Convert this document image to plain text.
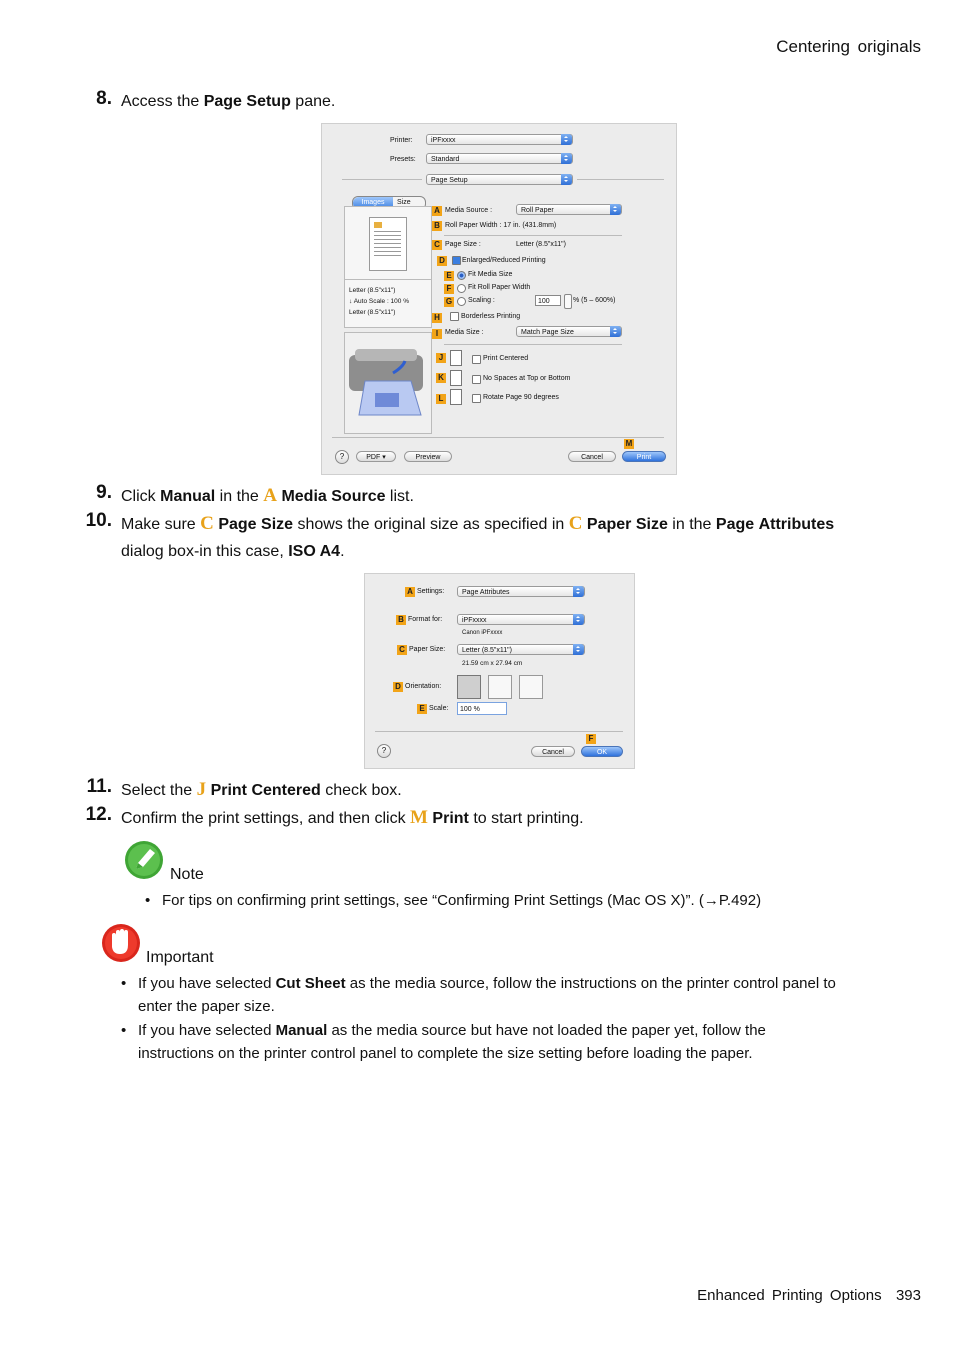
Centering originals
8. Access the Page Setup pane.
Printer:	iPFxxxx
Presets:	Standard
Page Setup
Images	Size
Letter (8.5"x11")
↓ Auto Scale : 100 %
Letter (8.5"x11")
A Media Source :	Roll Paper
B Roll Paper Width : 17 in. (431.8mm)
C Page Size :	Letter (8.5"x11")
D	Enlarged/Reduced Printing
E	Fit Media Size
F	Fit Roll Paper Width
G Scaling :	100	% (5 – 600%)
H	Borderless Printing
I Media Size :	Match Page Size
J	Print Centered
K	No Spaces at Top or Bottom
L	Rotate Page 90 degrees
?	PDF ▾	Preview	Cancel
M
Print
9. Click Manual in the A Media Source list.
10. Make sure C Page Size shows the original size as specified in C Paper Size in the Page Attributes dialog box-in this case, ISO A4.
A Settings:	Page Attributes
B Format for:	iPFxxxx
Canon iPFxxxx
C Paper Size:	Letter (8.5"x11")
21.59 cm x 27.94 cm
D Orientation:
E Scale:	100 %
?	Cancel
F
OK
11. Select the J Print Centered check box.
12. Confirm the print settings, and then click M Print to start printing.
Note
• For tips on confirming print settings, see “Confirming Print Settings (Mac OS X)”. (→P.492)
Important
• If you have selected Cut Sheet as the media source, follow the instructions on the printer control panel to enter the paper size.
• If you have selected Manual as the media source but have not loaded the paper yet, follow the instructions on the printer control panel to complete the size setting before loading the paper.
Enhanced Printing Options 393
